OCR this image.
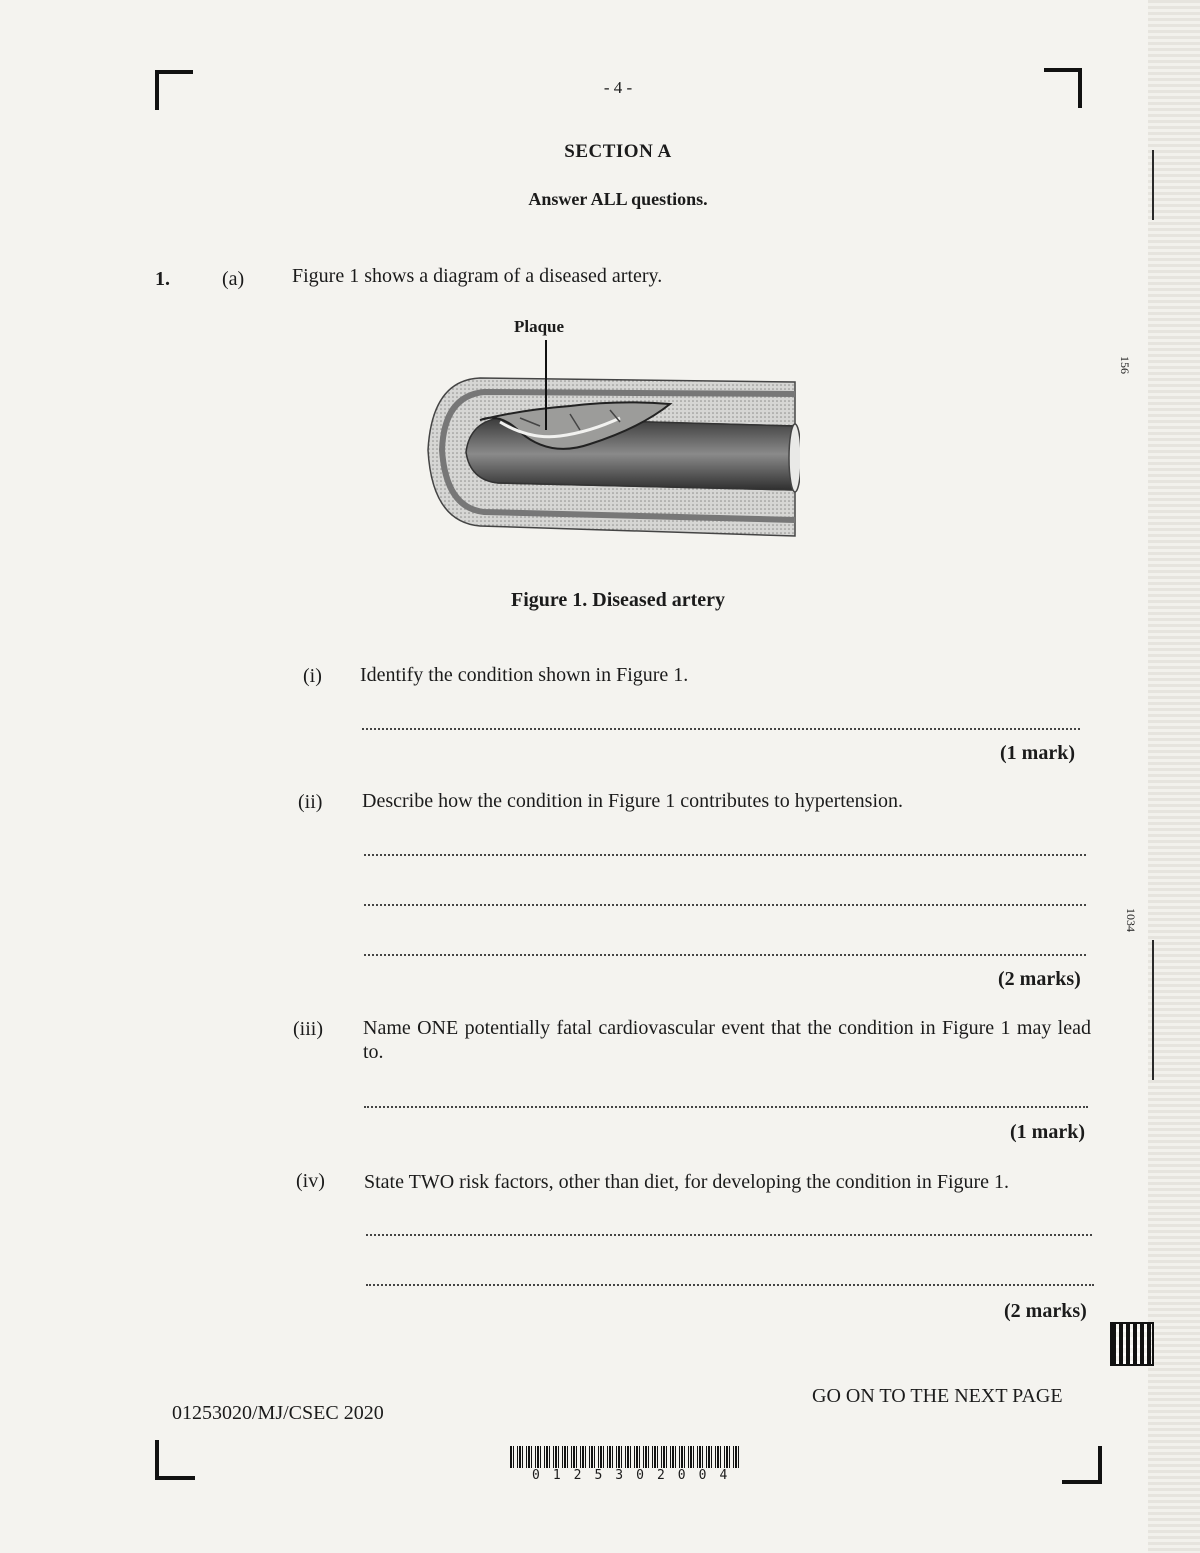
156
1034
- 4 -
SECTION A
Answer ALL questions.
1.	(a) Figure 1 shows a diagram of a diseased artery.
Plaque
Figure 1. Diseased artery
(i) Identify the condition shown in Figure 1.
(1 mark)
(ii) Describe how the condition in Figure 1 contributes to hypertension.
(2 marks)
(iii) Name ONE potentially fatal cardiovascular event that the condition in Figure 1 may lead to.
(1 mark)
(iv) State TWO risk factors, other than diet, for developing the condition in Figure 1.
(2 marks)
01253020/MJ/CSEC 2020
GO ON TO THE NEXT PAGE
0125302004
